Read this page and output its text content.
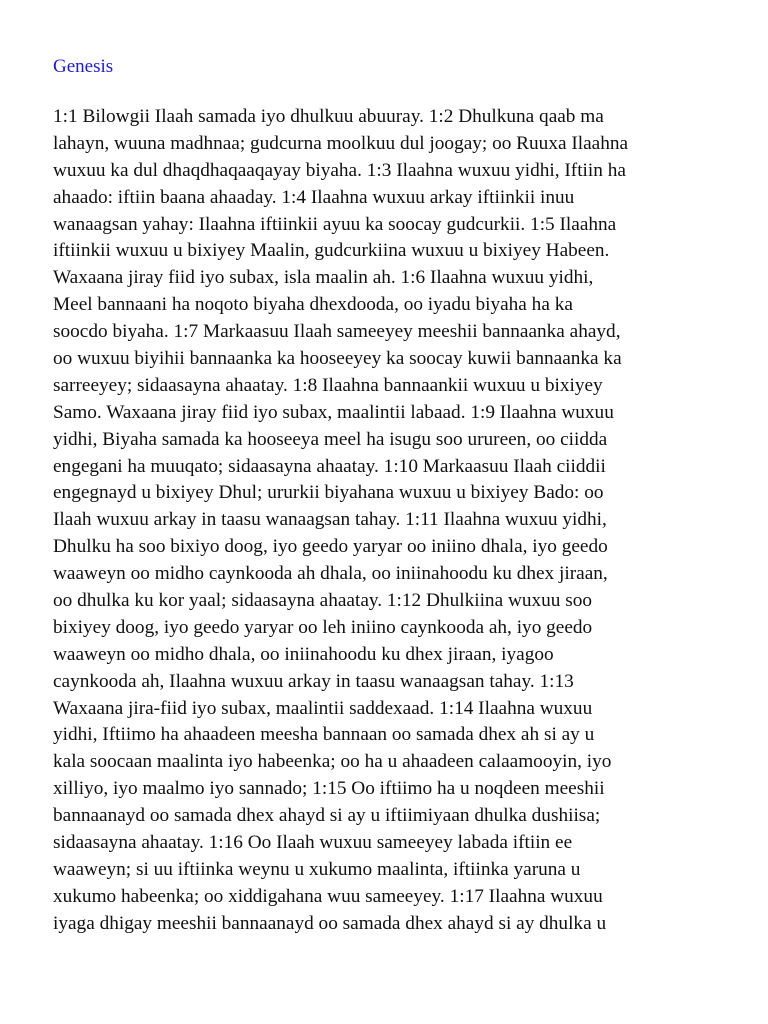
Genesis
1:1 Bilowgii Ilaah samada iyo dhulkuu abuuray. 1:2 Dhulkuna qaab ma
lahayn, wuuna madhnaa; gudcurna moolkuu dul joogay; oo Ruuxa Ilaahna
wuxuu ka dul dhaqdhaqaaqayay biyaha. 1:3 Ilaahna wuxuu yidhi, Iftiin ha
ahaado: iftiin baana ahaaday. 1:4 Ilaahna wuxuu arkay iftiinkii inuu
wanaagsan yahay: Ilaahna iftiinkii ayuu ka soocay gudcurkii. 1:5 Ilaahna
iftiinkii wuxuu u bixiyey Maalin, gudcurkiina wuxuu u bixiyey Habeen.
Waxaana jiray fiid iyo subax, isla maalin ah. 1:6 Ilaahna wuxuu yidhi,
Meel bannaani ha noqoto biyaha dhexdooda, oo iyadu biyaha ha ka
soocdo biyaha. 1:7 Markaasuu Ilaah sameeyey meeshii bannaanka ahayd,
oo wuxuu biyihii bannaanka ka hooseeyey ka soocay kuwii bannaanka ka
sarreeyey; sidaasayna ahaatay. 1:8 Ilaahna bannaankii wuxuu u bixiyey
Samo. Waxaana jiray fiid iyo subax, maalintii labaad. 1:9 Ilaahna wuxuu
yidhi, Biyaha samada ka hooseeya meel ha isugu soo urureen, oo ciidda
engegani ha muuqato; sidaasayna ahaatay. 1:10 Markaasuu Ilaah ciiddii
engegnayd u bixiyey Dhul; ururkii biyahana wuxuu u bixiyey Bado: oo
Ilaah wuxuu arkay in taasu wanaagsan tahay. 1:11 Ilaahna wuxuu yidhi,
Dhulku ha soo bixiyo doog, iyo geedo yaryar oo iniino dhala, iyo geedo
waaweyn oo midho caynkooda ah dhala, oo iniinahoodu ku dhex jiraan,
oo dhulka ku kor yaal; sidaasayna ahaatay. 1:12 Dhulkiina wuxuu soo
bixiyey doog, iyo geedo yaryar oo leh iniino caynkooda ah, iyo geedo
waaweyn oo midho dhala, oo iniinahoodu ku dhex jiraan, iyagoo
caynkooda ah, Ilaahna wuxuu arkay in taasu wanaagsan tahay. 1:13
Waxaana jira-fiid iyo subax, maalintii saddexaad. 1:14 Ilaahna wuxuu
yidhi, Iftiimo ha ahaadeen meesha bannaan oo samada dhex ah si ay u
kala soocaan maalinta iyo habeenka; oo ha u ahaadeen calaamooyin, iyo
xilliyo, iyo maalmo iyo sannado; 1:15 Oo iftiimo ha u noqdeen meeshii
bannaanayd oo samada dhex ahayd si ay u iftiimiyaan dhulka dushiisa;
sidaasayna ahaatay. 1:16 Oo Ilaah wuxuu sameeyey labada iftiin ee
waaweyn; si uu iftiinka weynu u xukumo maalinta, iftiinka yaruna u
xukumo habeenka; oo xiddigahana wuu sameeyey. 1:17 Ilaahna wuxuu
iyaga dhigay meeshii bannaanayd oo samada dhex ahayd si ay dhulka u
